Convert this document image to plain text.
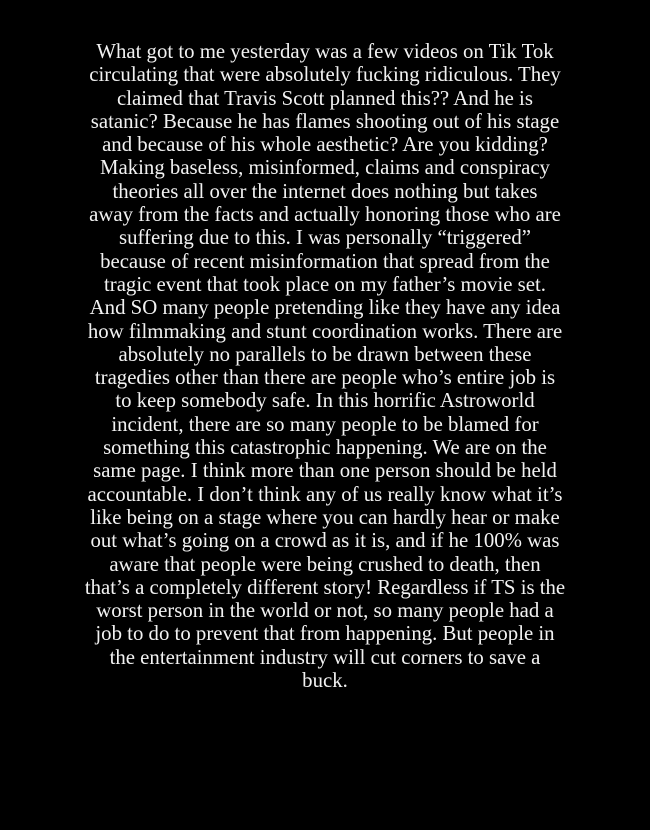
What got to me yesterday was a few videos on Tik Tok
circulating that were absolutely fucking ridiculous. They
claimed that Travis Scott planned this?? And he is
satanic? Because he has flames shooting out of his stage
and because of his whole aesthetic? Are you kidding?
Making baseless, misinformed, claims and conspiracy
theories all over the internet does nothing but takes
away from the facts and actually honoring those who are
suffering due to this. I was personally “triggered”
because of recent misinformation that spread from the
tragic event that took place on my father’s movie set.
And SO many people pretending like they have any idea
how filmmaking and stunt coordination works. There are
absolutely no parallels to be drawn between these
tragedies other than there are people who’s entire job is
to keep somebody safe. In this horrific Astroworld
incident, there are so many people to be blamed for
something this catastrophic happening. We are on the
same page. I think more than one person should be held
accountable. I don’t think any of us really know what it’s
like being on a stage where you can hardly hear or make
out what’s going on a crowd as it is, and if he 100% was
aware that people were being crushed to death, then
that’s a completely different story! Regardless if TS is the
worst person in the world or not, so many people had a
job to do to prevent that from happening. But people in
the entertainment industry will cut corners to save a
buck.
